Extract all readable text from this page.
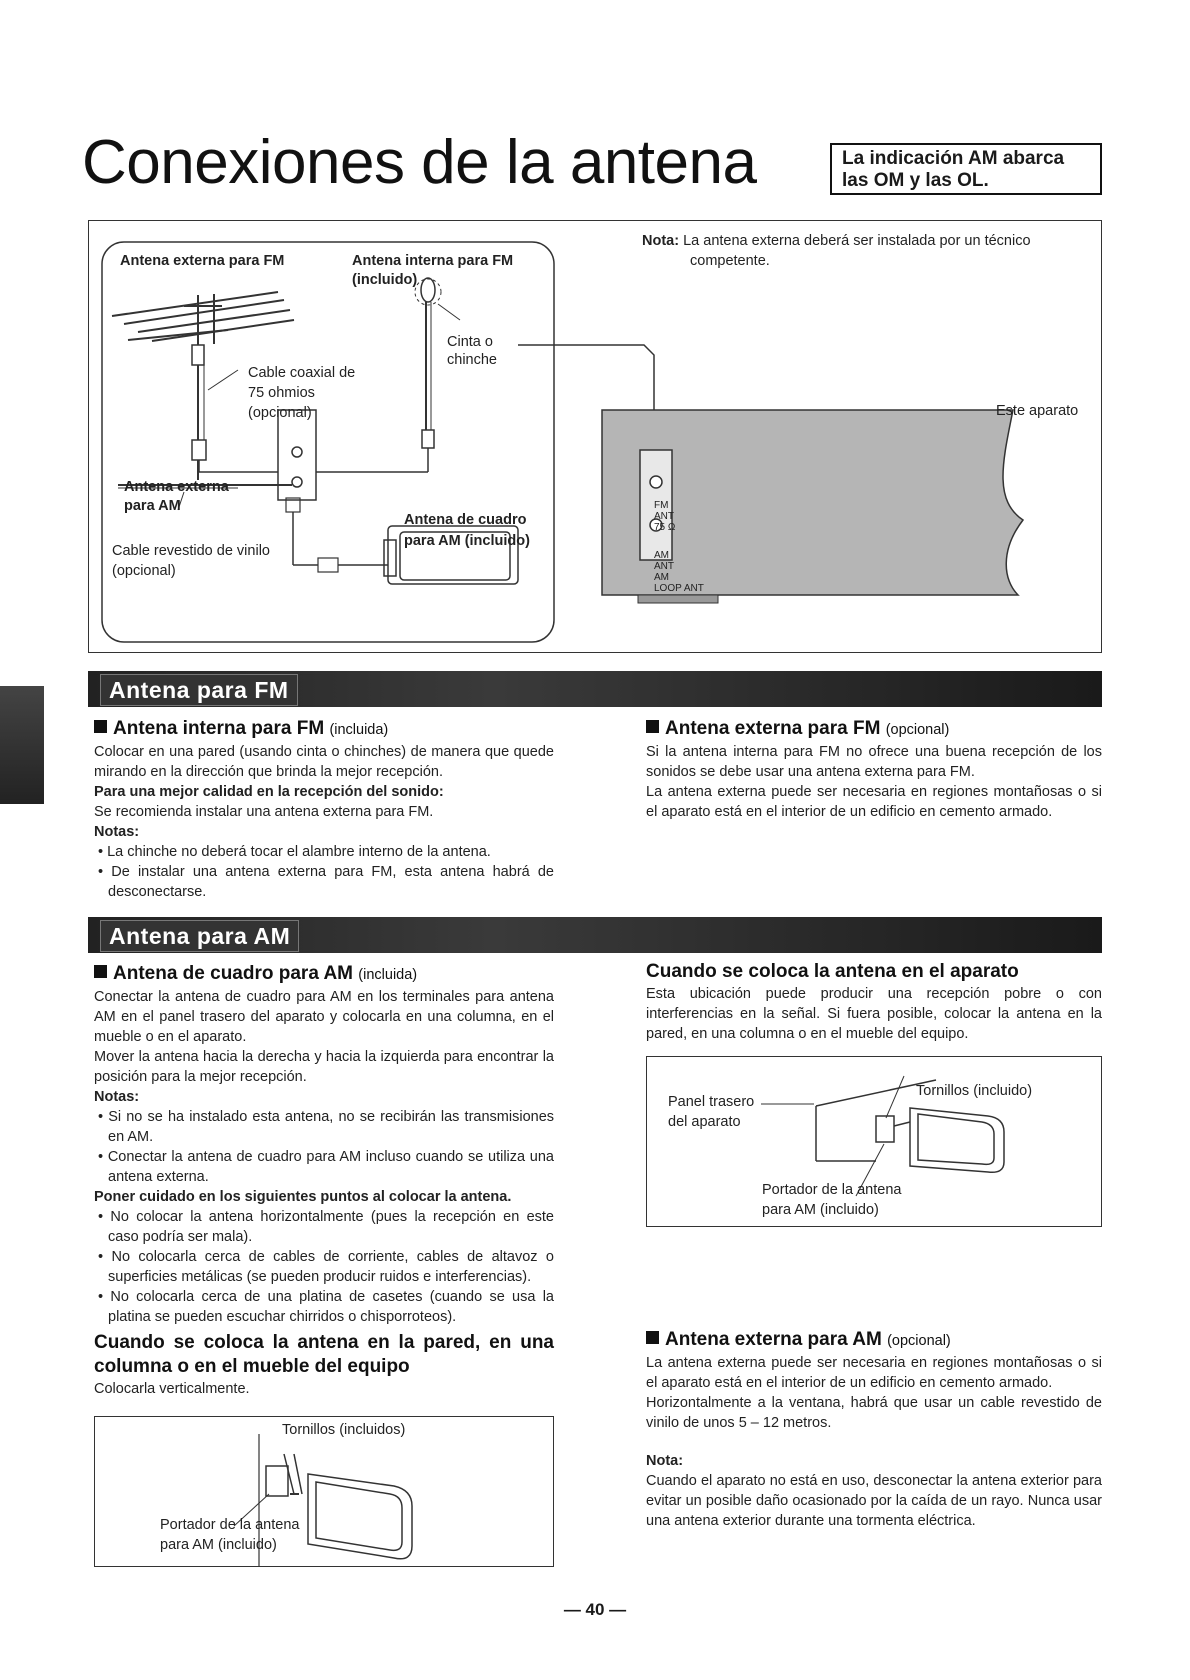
Conexiones de la antena	La indicación AM abarca
las OM y las OL.
Antena externa para FM	Antena interna para FM
(incluido)
Cinta o
chinche
Cable coaxial de
75 ohmios
(opcional)
Antena externa
para AM
Cable revestido de vinilo
(opcional)
Antena de cuadro
para AM (incluido)
Nota: La antena externa deberá ser instalada por un técnico
competente.
Este aparato
FM
ANT
75 Ω
AM
ANT
AM
LOOP ANT
Antena para FM
Antena interna para FM (incluida)

Colocar en una pared (usando cinta o chinches) de manera que quede mirando en la dirección que brinda la mejor recepción.

Para una mejor calidad en la recepción del sonido:

Se recomienda instalar una antena externa para FM.

Notas:

• La chinche no deberá tocar el alambre interno de la antena.

• De instalar una antena externa para FM, esta antena habrá de desconectarse.

Antena externa para FM (opcional)

Si la antena interna para FM no ofrece una buena recepción de los sonidos se debe usar una antena externa para FM.

La antena externa puede ser necesaria en regiones montañosas o si el aparato está en el interior de un edificio en cemento armado.

Antena para AM
Antena de cuadro para AM (incluida)

Conectar la antena de cuadro para AM en los terminales para antena AM en el panel trasero del aparato y colocarla en una columna, en el mueble o en el aparato.

Mover la antena hacia la derecha y hacia la izquierda para encontrar la posición para la mejor recepción.

Notas:

• Si no se ha instalado esta antena, no se recibirán las transmisiones en AM.

• Conectar la antena de cuadro para AM incluso cuando se utiliza una antena externa.

Poner cuidado en los siguientes puntos al colocar la antena.

• No colocar la antena horizontalmente (pues la recepción en este caso podría ser mala).

• No colocarla cerca de cables de corriente, cables de altavoz o superficies metálicas (se pueden producir ruidos e interferencias).

• No colocarla cerca de una platina de casetes (cuando se usa la platina se pueden escuchar chirridos o chisporroteos).

Cuando se coloca la antena en la pared, en una columna o en el mueble del equipo

Colocarla verticalmente.

Tornillos (incluidos)
Portador de la antena
para AM (incluido)
Cuando se coloca la antena en el aparato

Esta ubicación puede producir una recepción pobre o con interferencias en la señal. Si fuera posible, colocar la antena en la pared, en una columna o en el mueble del equipo.

Panel trasero
del aparato
Tornillos (incluido)
Portador de la antena
para AM (incluido)
Antena externa para AM (opcional)

La antena externa puede ser necesaria en regiones montañosas o si el aparato está en el interior de un edificio en cemento armado.

Horizontalmente a la ventana, habrá que usar un cable revestido de vinilo de unos 5 – 12 metros.

Nota:

Cuando el aparato no está en uso, desconectar la antena exterior para evitar un posible daño ocasionado por la caída de un rayo. Nunca usar una antena exterior durante una tormenta eléctrica.

— 40 —
